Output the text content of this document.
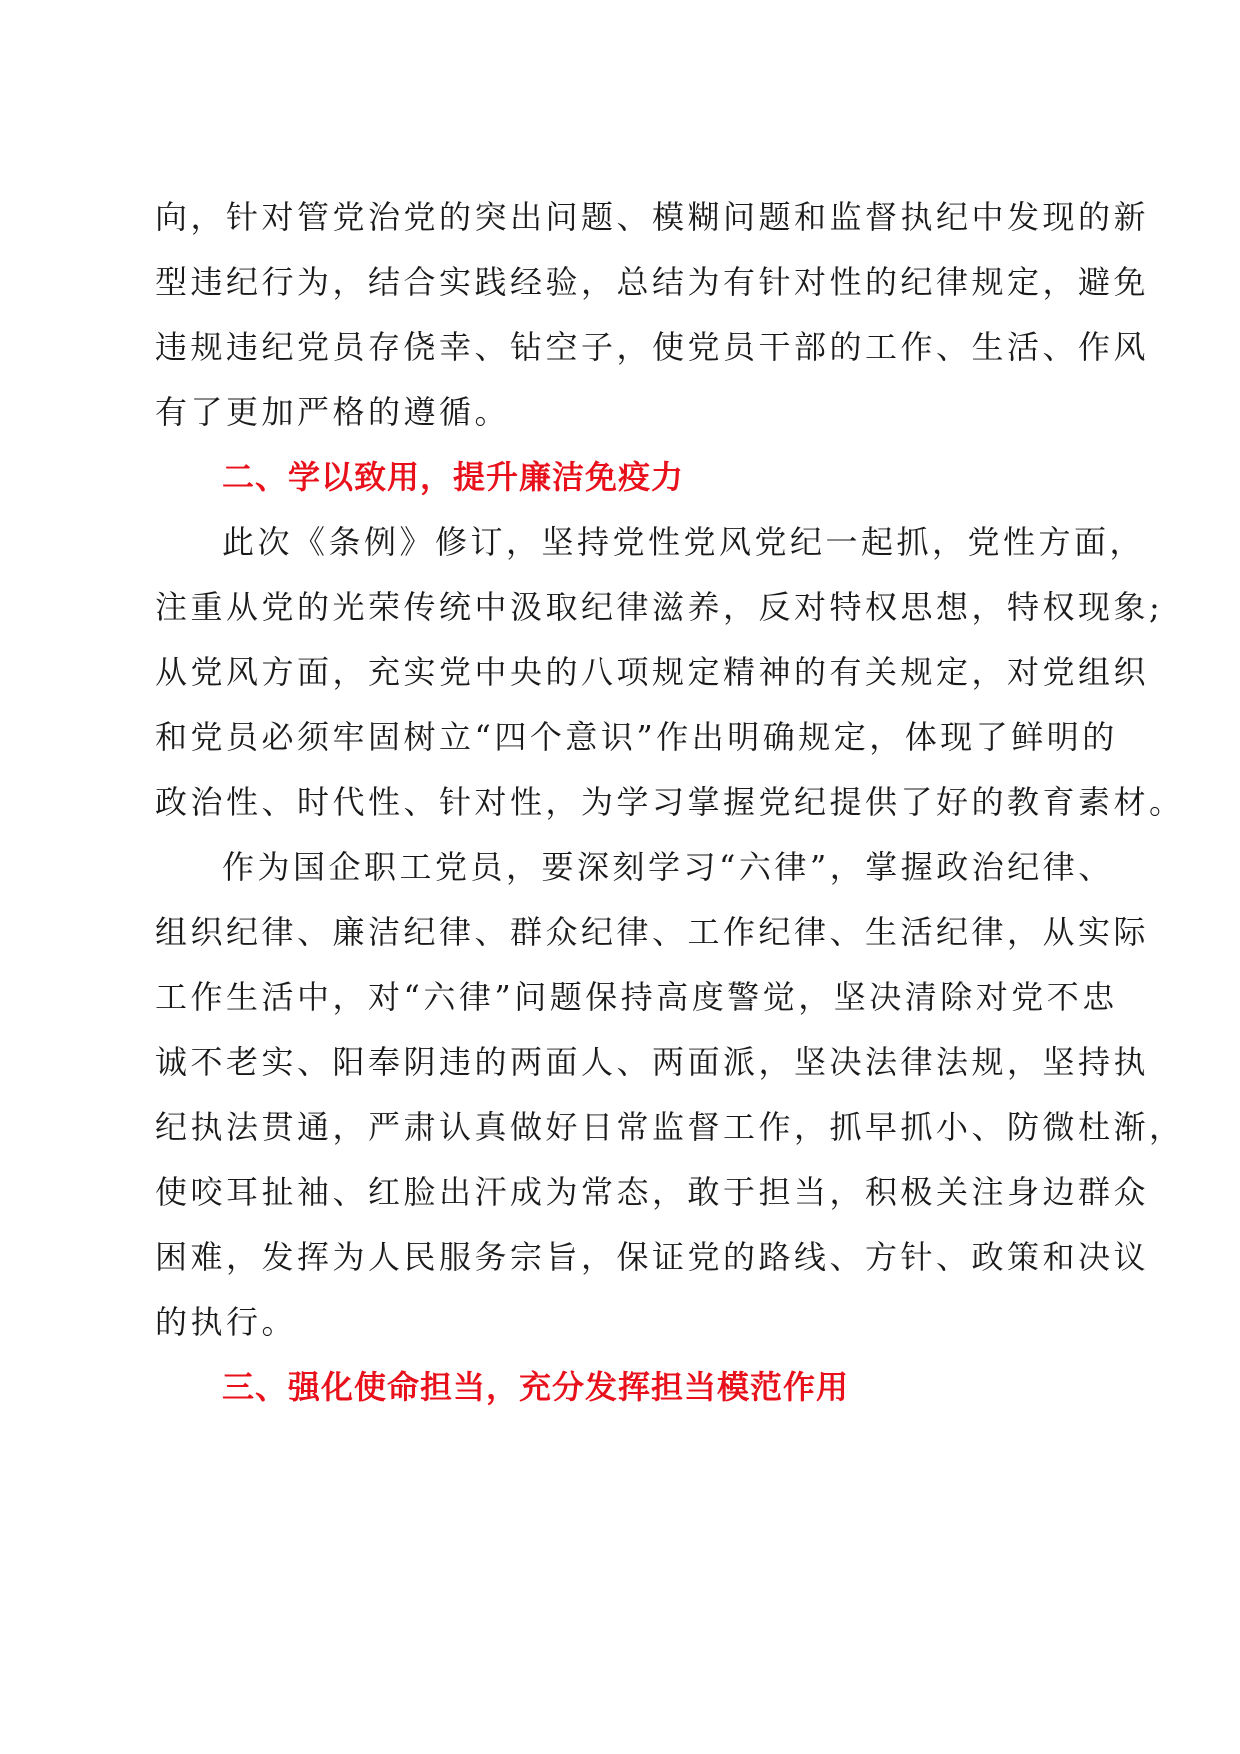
向，针对管党治党的突出问题、模糊问题和监督执纪中发现的新
型违纪行为，结合实践经验，总结为有针对性的纪律规定，避免
违规违纪党员存侥幸、钻空子，使党员干部的工作、生活、作风
有了更加严格的遵循。
二、学以致用，提升廉洁免疫力
此次《条例》修订，坚持党性党风党纪一起抓，党性方面，
注重从党的光荣传统中汲取纪律滋养，反对特权思想，特权现象;
从党风方面，充实党中央的八项规定精神的有关规定，对党组织
和党员必须牢固树立“四个意识”作出明确规定，体现了鲜明的
政治性、时代性、针对性，为学习掌握党纪提供了好的教育素材。
作为国企职工党员，要深刻学习“六律”，掌握政治纪律、
组织纪律、廉洁纪律、群众纪律、工作纪律、生活纪律，从实际
工作生活中，对“六律”问题保持高度警觉，坚决清除对党不忠
诚不老实、阳奉阴违的两面人、两面派，坚决法律法规，坚持执
纪执法贯通，严肃认真做好日常监督工作，抓早抓小、防微杜渐，
使咬耳扯袖、红脸出汗成为常态，敢于担当，积极关注身边群众
困难，发挥为人民服务宗旨，保证党的路线、方针、政策和决议
的执行。
三、强化使命担当，充分发挥担当模范作用
